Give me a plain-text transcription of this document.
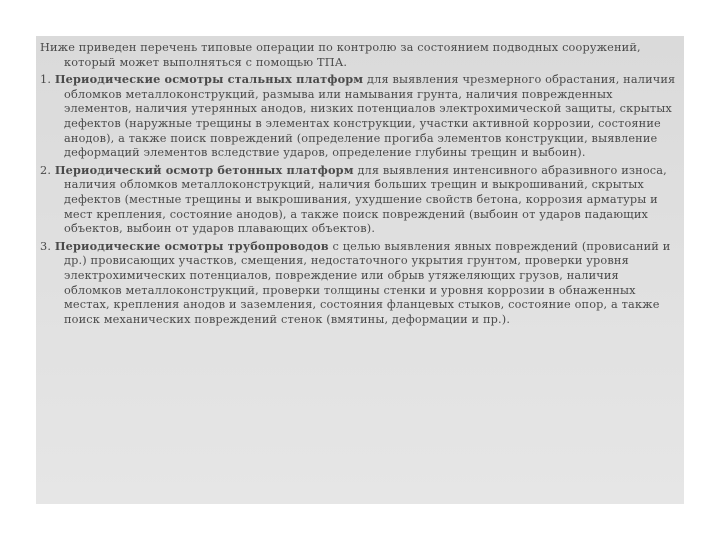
Ниже приведен перечень типовые операции по контролю за состоянием подводных сооружений, который может выполняться с помощью ТПА.

1. Периодические осмотры стальных платформ для выявления чрезмерного обрастания, наличия обломков металлоконструкций, размыва или намывания грунта, наличия поврежденных элементов, наличия утерянных анодов, низких потенциалов электрохимической защиты, скрытых дефектов (наружные трещины в элементах конструкции, участки активной коррозии, состояние анодов), а также поиск повреждений (определение прогиба элементов конструкции, выявление деформаций элементов вследствие ударов, определение глубины трещин и выбоин).

2. Периодический осмотр бетонных платформ для выявления интенсивного абразивного износа, наличия обломков металлоконструкций, наличия больших трещин и выкрошиваний, скрытых дефектов (местные трещины и выкрошивания, ухудшение свойств бетона, коррозия арматуры и мест крепления, состояние анодов), а также поиск повреждений (выбоин от ударов падающих объектов, выбоин от ударов плавающих объектов).

3. Периодические осмотры трубопроводов с целью выявления явных повреждений (провисаний и др.) провисающих участков, смещения, недостаточного укрытия грунтом, проверки уровня электрохимических потенциалов, повреждение или обрыв утяжеляющих грузов, наличия обломков металлоконструкций, проверки толщины стенки и уровня коррозии в обнаженных местах, крепления анодов и заземления, состояния фланцевых стыков, состояние опор, а также поиск механических повреждений стенок (вмятины, деформации и пр.).
